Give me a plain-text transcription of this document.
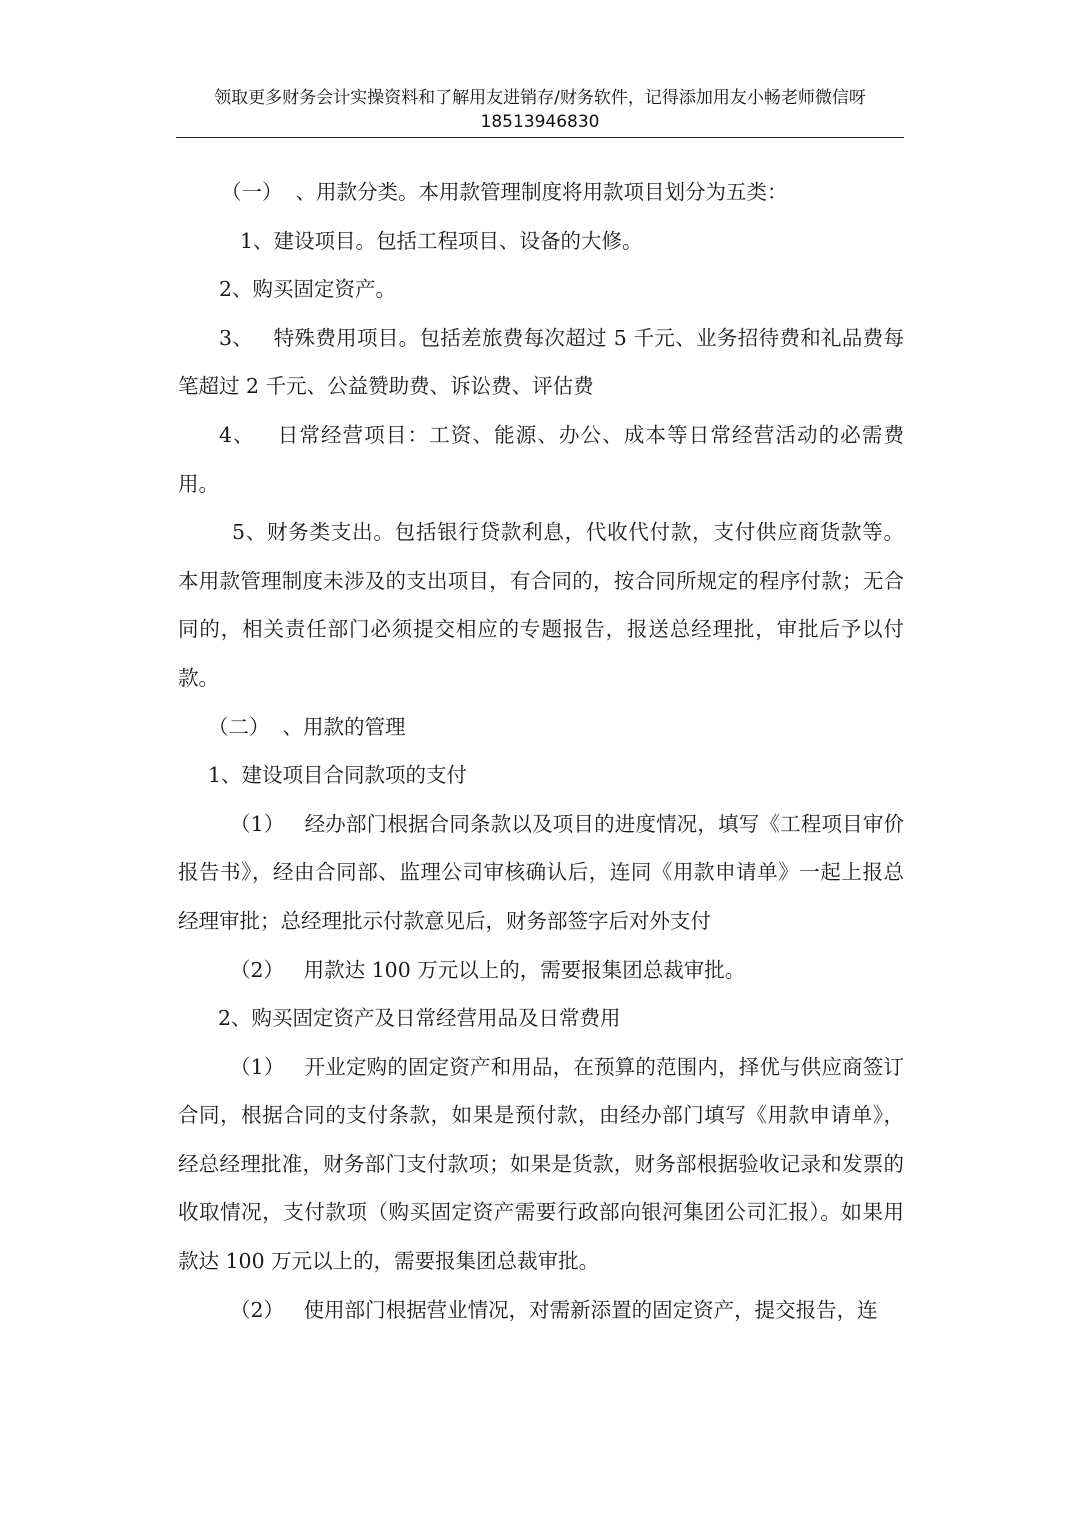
领取更多财务会计实操资料和了解用友进销存/财务软件，记得添加用友小畅老师微信呀
18513946830

（一）  、用款分类。本用款管理制度将用款项目划分为五类：

1、建设项目。包括工程项目、设备的大修。

2、购买固定资产。

3、   特殊费用项目。包括差旅费每次超过 5 千元、业务招待费和礼品费每笔超过 2 千元、公益赞助费、诉讼费、评估费

4、   日常经营项目：工资、能源、办公、成本等日常经营活动的必需费用。

5、财务类支出。包括银行贷款利息，代收代付款，支付供应商货款等。  本用款管理制度未涉及的支出项目，有合同的，按合同所规定的程序付款；无合同的，相关责任部门必须提交相应的专题报告，报送总经理批，审批后予以付款。

（二）  、用款的管理

1、建设项目合同款项的支付

（1）   经办部门根据合同条款以及项目的进度情况，填写《工程项目审价报告书》，经由合同部、监理公司审核确认后，连同《用款申请单》一起上报总经理审批；总经理批示付款意见后，财务部签字后对外支付

（2）   用款达 100 万元以上的，需要报集团总裁审批。

2、购买固定资产及日常经营用品及日常费用

（1）   开业定购的固定资产和用品，在预算的范围内，择优与供应商签订合同，根据合同的支付条款，如果是预付款，由经办部门填写《用款申请单》，经总经理批准，财务部门支付款项；如果是货款，财务部根据验收记录和发票的收取情况，支付款项（购买固定资产需要行政部向银河集团公司汇报）。如果用款达 100 万元以上的，需要报集团总裁审批。

（2）   使用部门根据营业情况，对需新添置的固定资产，提交报告，连
